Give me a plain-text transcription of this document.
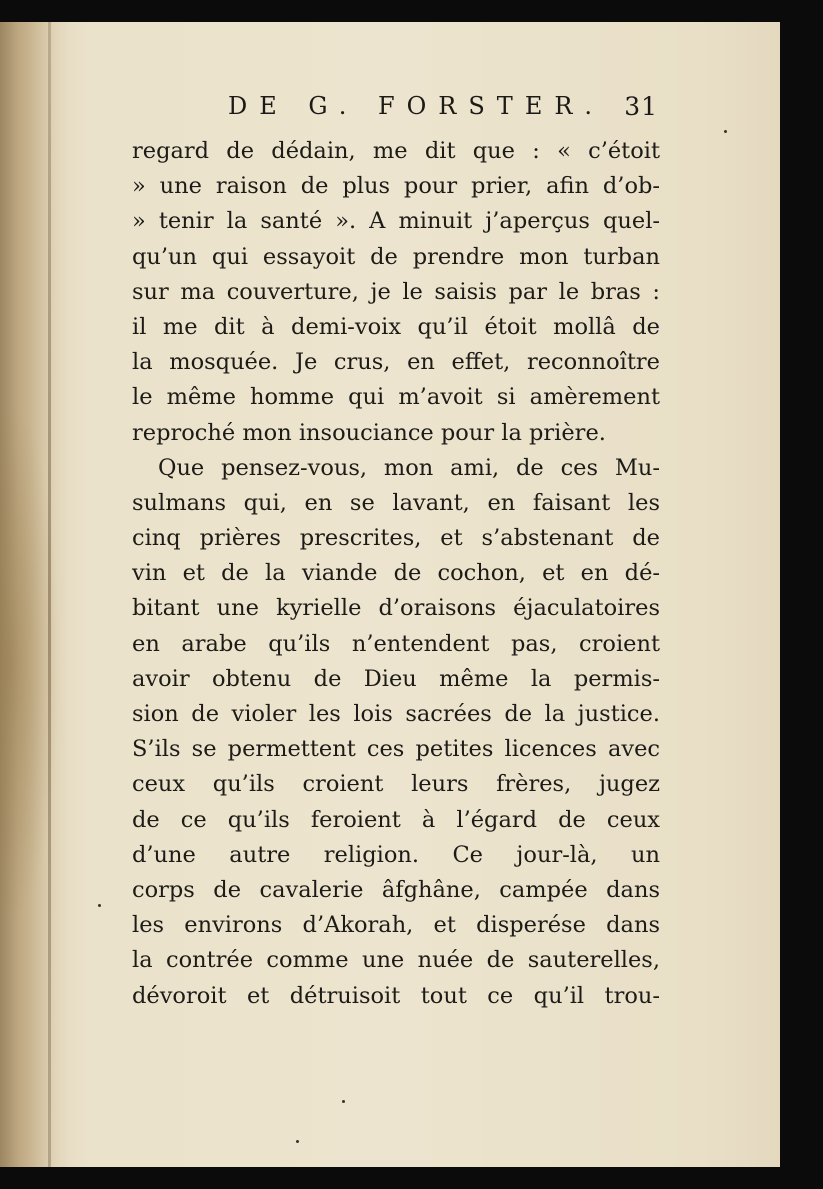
DE G. FORSTER. 31
regard de dédain, me dit que : « c’étoit
» une raison de plus pour prier, afin d’ob-
» tenir la santé ». A minuit j’aperçus quel-
qu’un qui essayoit de prendre mon turban
sur ma couverture, je le saisis par le bras :
il me dit à demi-voix qu’il étoit mollâ de
la mosquée. Je crus, en effet, reconnoître
le même homme qui m’avoit si amèrement
reproché mon insouciance pour la prière.
Que pensez-vous, mon ami, de ces Mu-
sulmans qui, en se lavant, en faisant les
cinq prières prescrites, et s’abstenant de
vin et de la viande de cochon, et en dé-
bitant une kyrielle d’oraisons éjaculatoires
en arabe qu’ils n’entendent pas, croient
avoir obtenu de Dieu même la permis-
sion de violer les lois sacrées de la justice.
S’ils se permettent ces petites licences avec
ceux qu’ils croient leurs frères, jugez
de ce qu’ils feroient à l’égard de ceux
d’une autre religion. Ce jour-là, un
corps de cavalerie âfghâne, campée dans
les environs d’Akorah, et disperése dans
la contrée comme une nuée de sauterelles,
dévoroit et détruisoit tout ce qu’il trou-
